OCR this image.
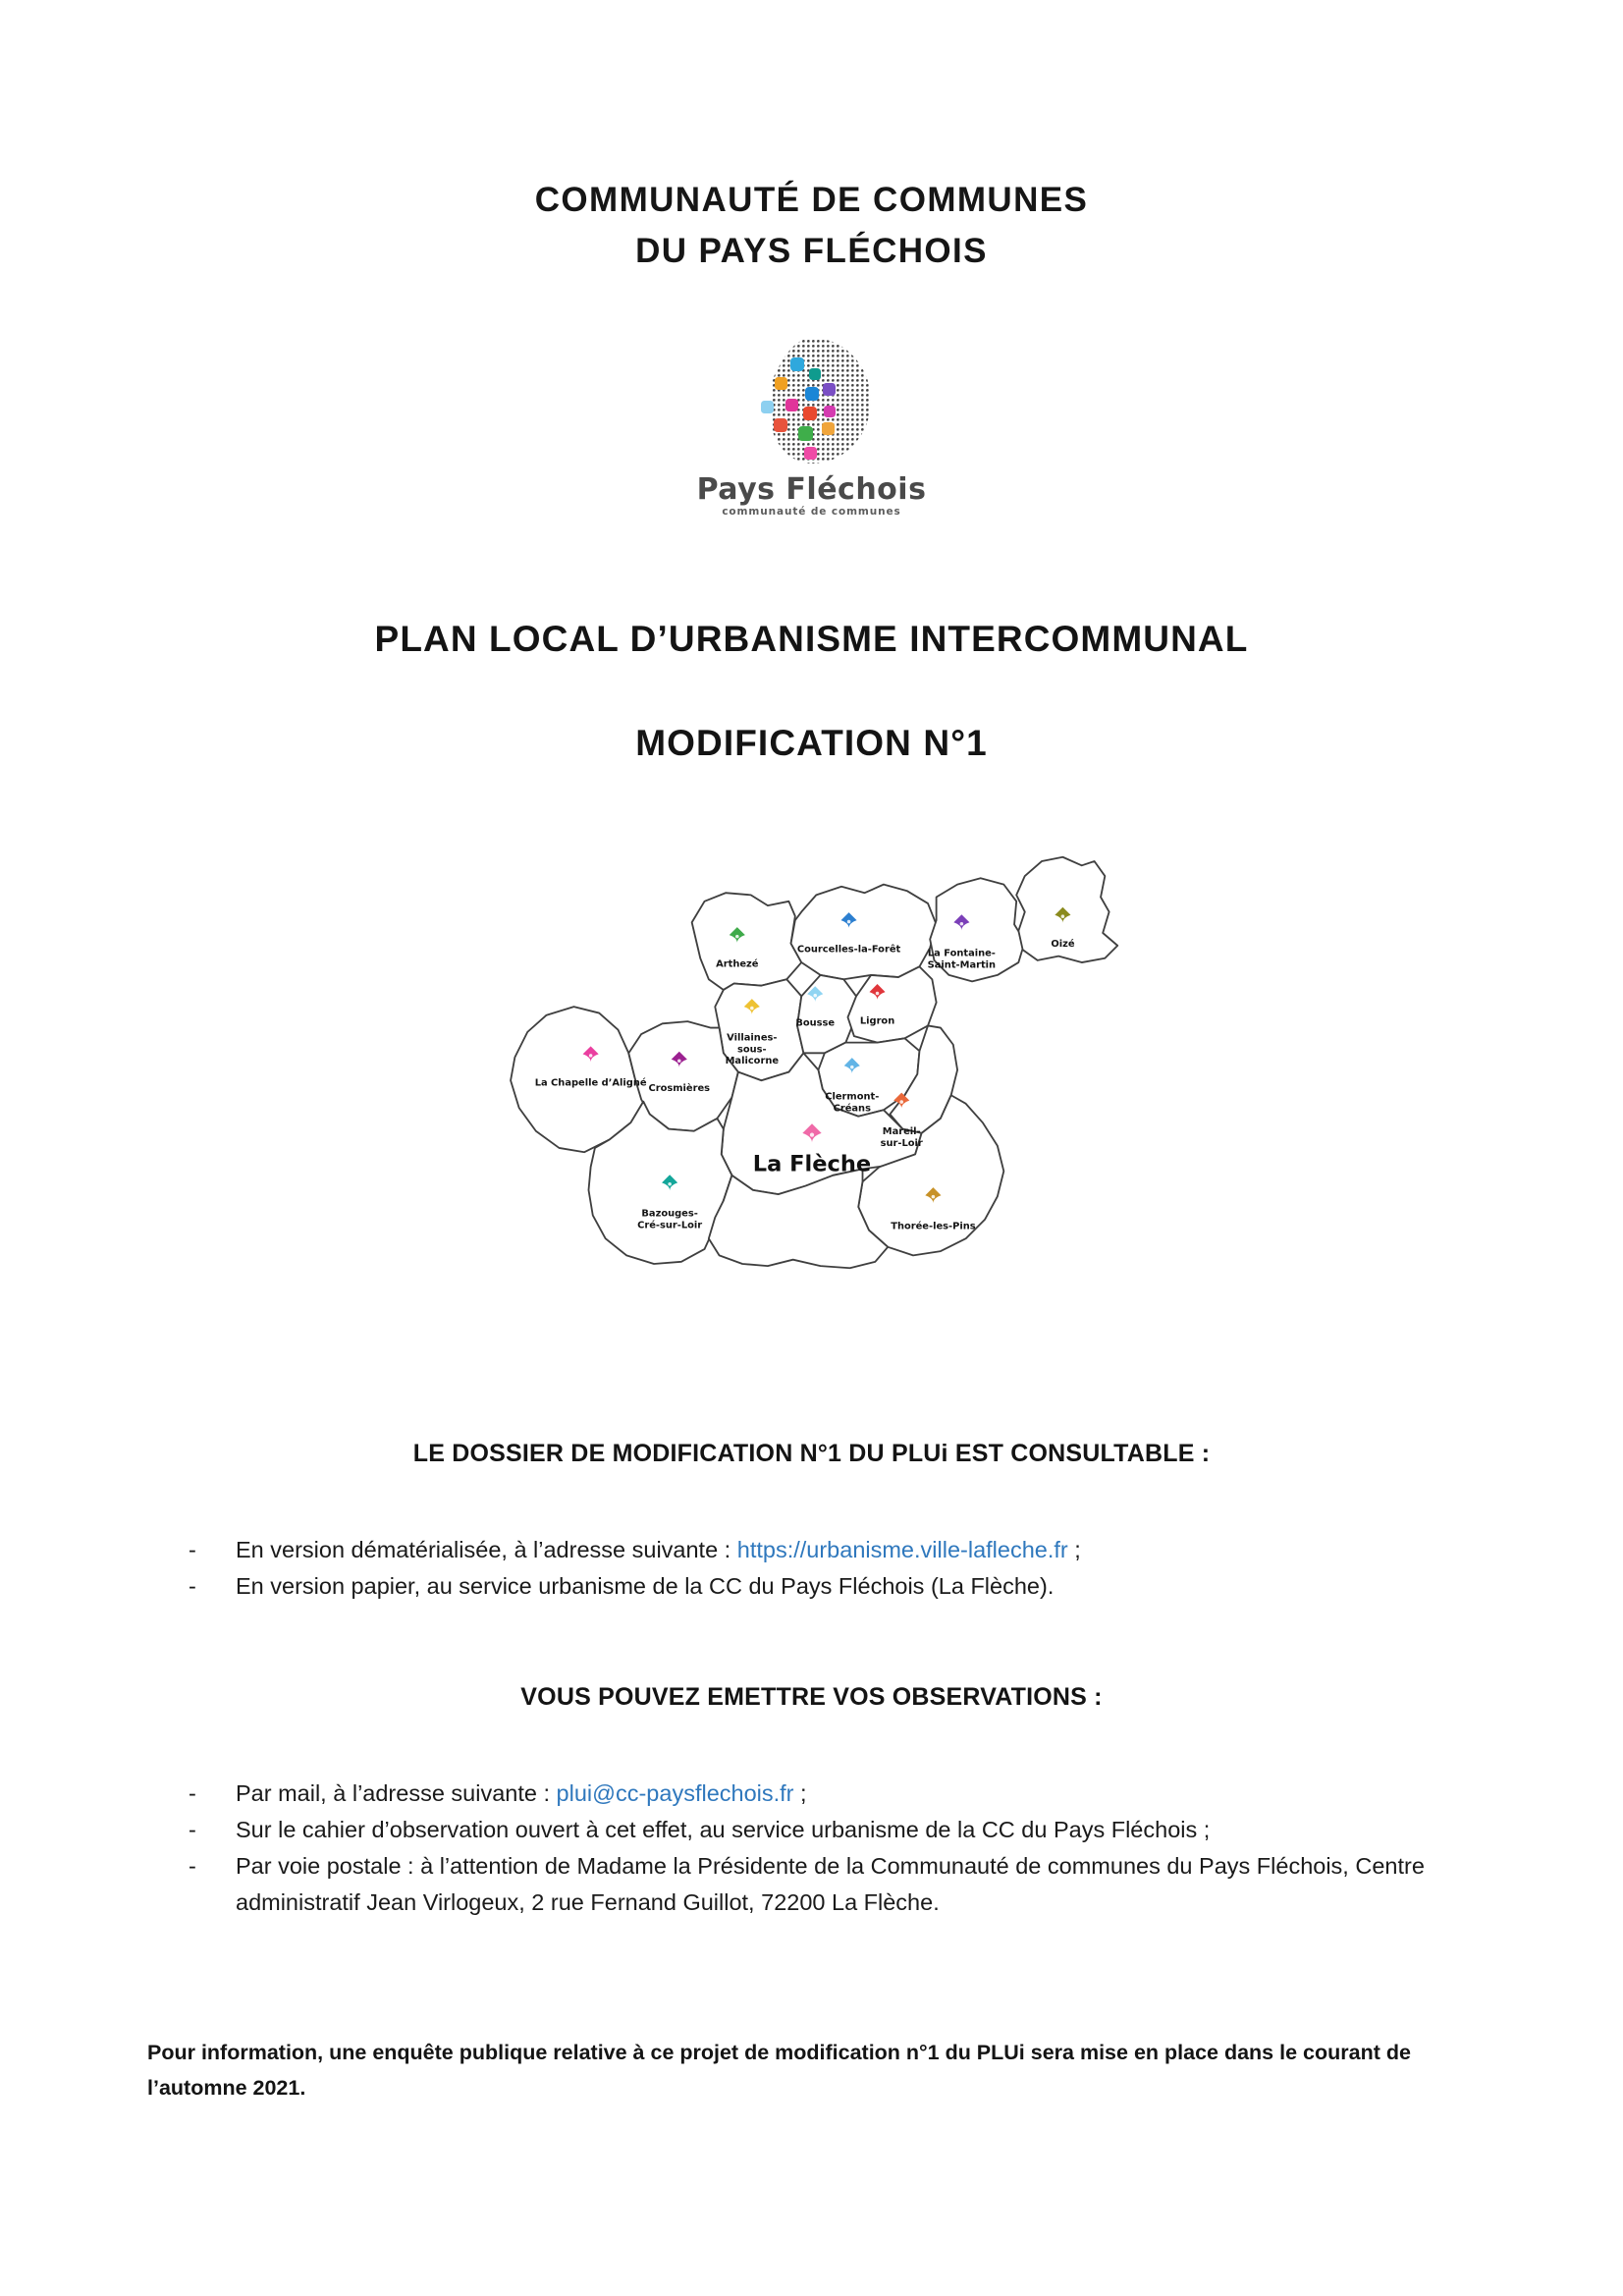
COMMUNAUTÉ DE COMMUNES
DU PAYS FLÉCHOIS
Pays Fléchois
communauté de communes
PLAN LOCAL D’URBANISME INTERCOMMUNAL
MODIFICATION N°1
Arthezé
Courcelles-la-Forêt	La Fontaine-Saint-Martin
Oizé
Villaines-sous-Malicorne
Bousse	Ligron
La Chapelle d’Aligné Crosmières
Clermont-Créans
Mareil-sur-Loir
La Flèche
Bazouges-Cré-sur-Loir	Thorée-les-Pins
LE DOSSIER DE MODIFICATION N°1 DU PLUi EST CONSULTABLE :
-	En version dématérialisée, à l’adresse suivante : https://urbanisme.ville-lafleche.fr ;
-	En version papier, au service urbanisme de la CC du Pays Fléchois (La Flèche).
VOUS POUVEZ EMETTRE VOS OBSERVATIONS :
-	Par mail, à l’adresse suivante : plui@cc-paysflechois.fr ;
-	Sur le cahier d’observation ouvert à cet effet, au service urbanisme de la CC du Pays Fléchois ;
-	Par voie postale : à l’attention de Madame la Présidente de la Communauté de communes du Pays Fléchois, Centre administratif Jean Virlogeux, 2 rue Fernand Guillot, 72200 La Flèche.
Pour information, une enquête publique relative à ce projet de modification n°1 du PLUi sera mise en place dans le courant de l’automne 2021.
